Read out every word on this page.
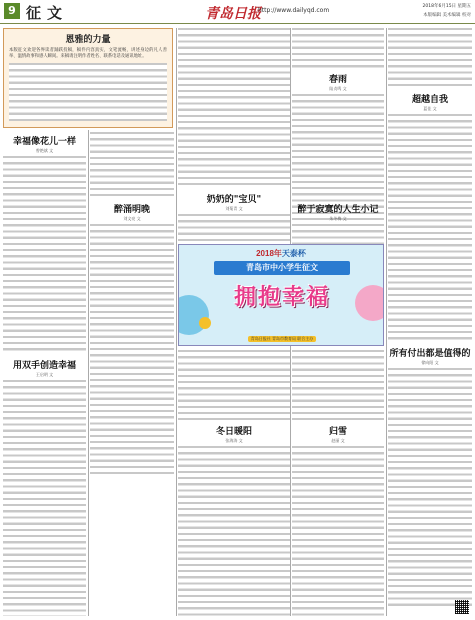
9 征文	青岛日报
http://www.dailyqd.com
2018年6月15日 星期五
本版编辑 美术编辑 校对
恩雅的力量
本版征文欢迎各界读者踊跃投稿，稿件内容真实，文笔流畅，讲述身边的凡人善举、温情故事和感人瞬间。来稿请注明作者姓名、联系电话及通讯地址。
幸福像花儿一样
曾艳斌 文
用双手创造幸福
王启明 文
醉涌明晚
刘文亮 文
奶奶的"宝贝"
刘菊青 文
春雨
陆贞鸣 文
醉于寂寞的人生小记
朱冬梅 文
2018年天泰杯
青岛市中小学生征文
拥抱幸福
青岛日报社 青岛市教育局 联合主办
冬日暖阳
张海涛 文
归雪
赵丽 文
超越自我
蓝佳 文
所有付出都是值得的
徐向阳 文
